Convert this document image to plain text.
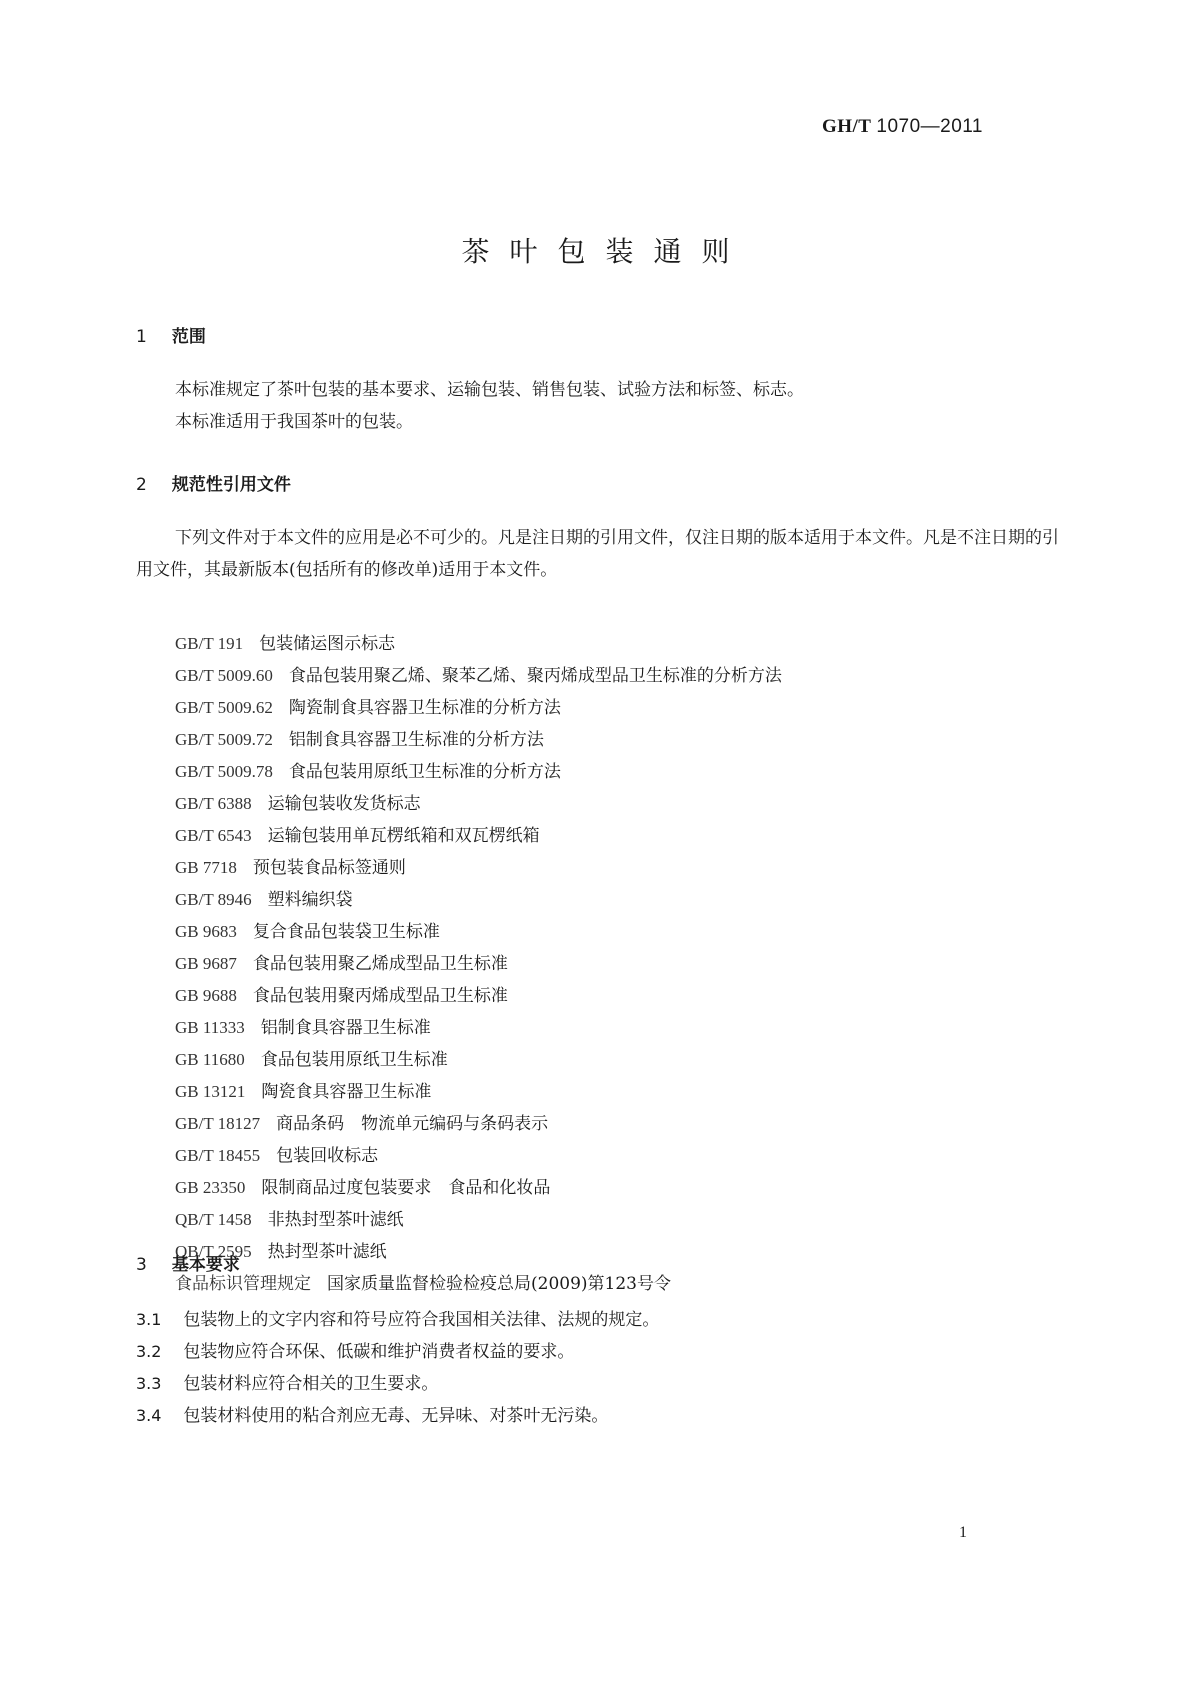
GH/T 1070—2011
茶叶包装通则
1 范围
本标准规定了茶叶包装的基本要求、运输包装、销售包装、试验方法和标签、标志。
本标准适用于我国茶叶的包装。
2 规范性引用文件
下列文件对于本文件的应用是必不可少的。凡是注日期的引用文件，仅注日期的版本适用于本文件。凡是不注日期的引用文件，其最新版本(包括所有的修改单)适用于本文件。
GB/T 191 包装储运图示标志
GB/T 5009.60 食品包装用聚乙烯、聚苯乙烯、聚丙烯成型品卫生标准的分析方法
GB/T 5009.62 陶瓷制食具容器卫生标准的分析方法
GB/T 5009.72 铝制食具容器卫生标准的分析方法
GB/T 5009.78 食品包装用原纸卫生标准的分析方法
GB/T 6388 运输包装收发货标志
GB/T 6543 运输包装用单瓦楞纸箱和双瓦楞纸箱
GB 7718 预包装食品标签通则
GB/T 8946 塑料编织袋
GB 9683 复合食品包装袋卫生标准
GB 9687 食品包装用聚乙烯成型品卫生标准
GB 9688 食品包装用聚丙烯成型品卫生标准
GB 11333 铝制食具容器卫生标准
GB 11680 食品包装用原纸卫生标准
GB 13121 陶瓷食具容器卫生标准
GB/T 18127 商品条码　物流单元编码与条码表示
GB/T 18455 包装回收标志
GB 23350 限制商品过度包装要求　食品和化妆品
QB/T 1458 非热封型茶叶滤纸
QB/T 2595 热封型茶叶滤纸
食品标识管理规定 国家质量监督检验检疫总局(2009)第123号令
3 基本要求
3.1 包装物上的文字内容和符号应符合我国相关法律、法规的规定。
3.2 包装物应符合环保、低碳和维护消费者权益的要求。
3.3 包装材料应符合相关的卫生要求。
3.4 包装材料使用的粘合剂应无毒、无异味、对茶叶无污染。
1
